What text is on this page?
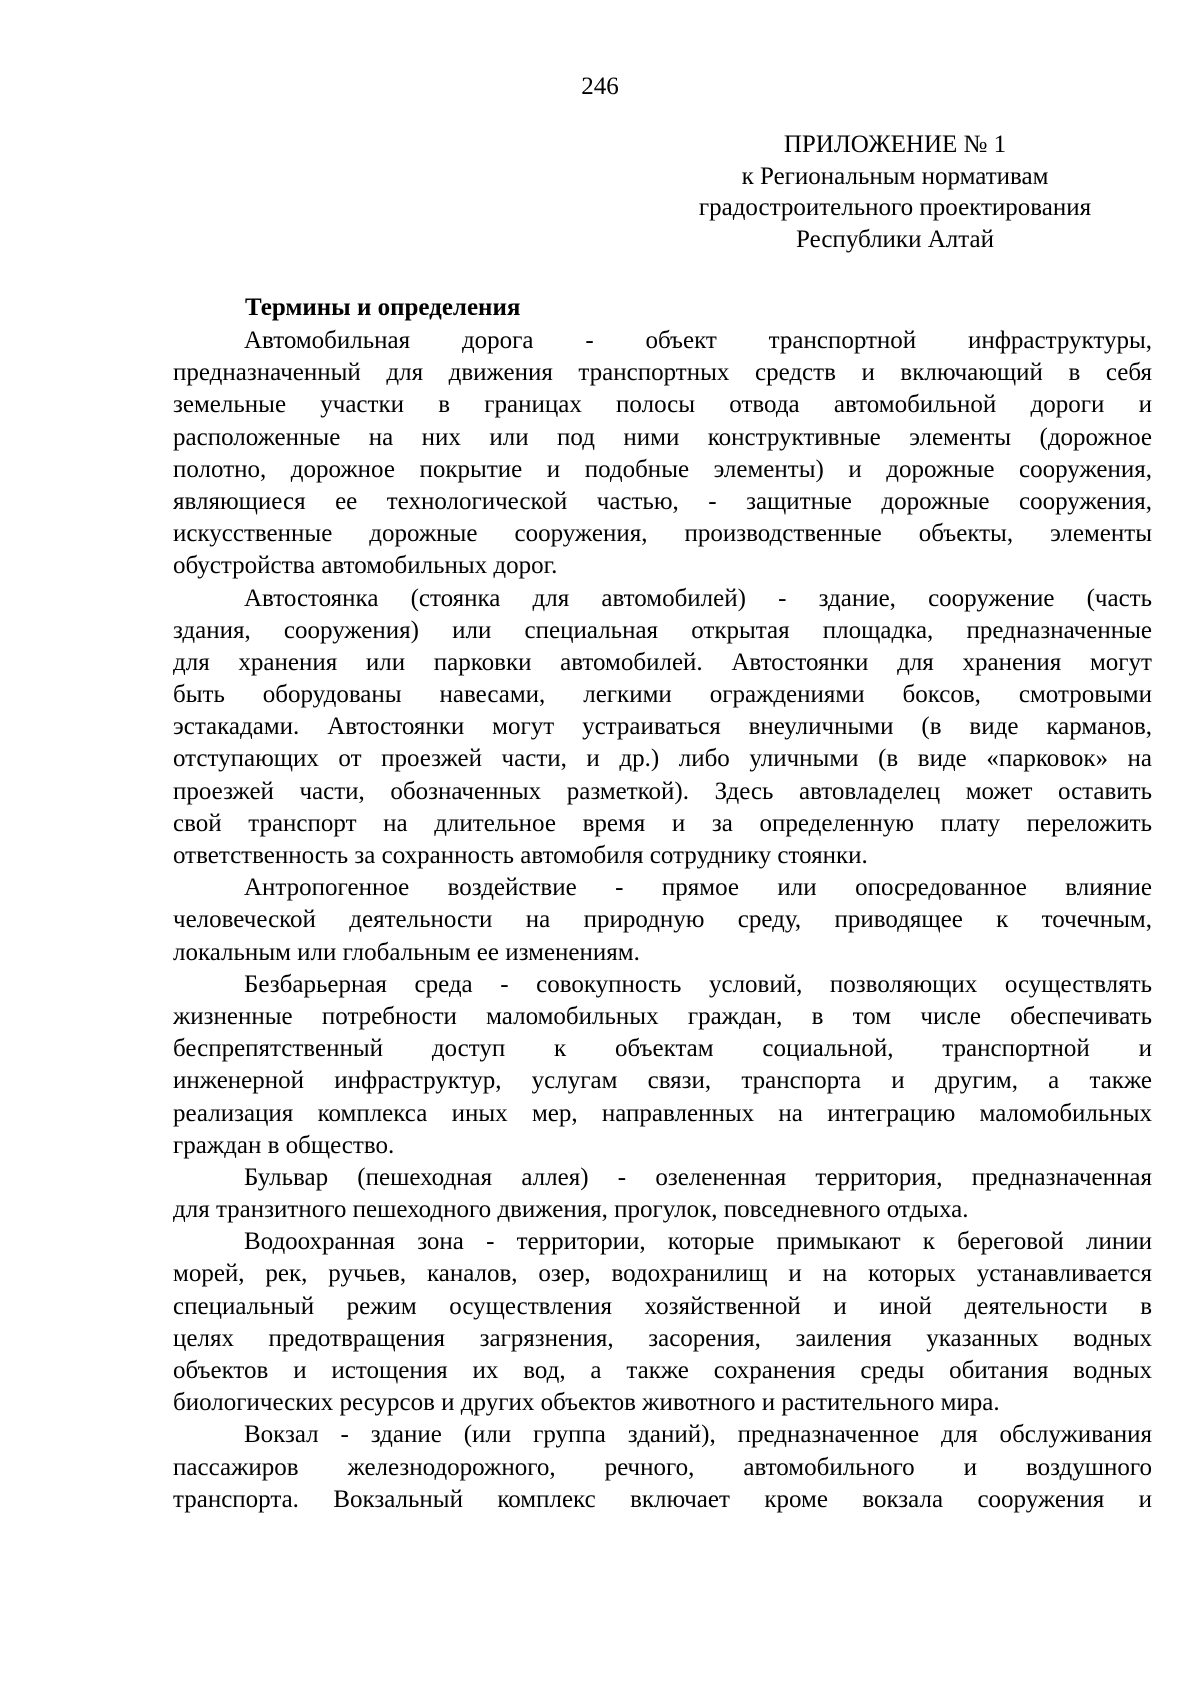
246
ПРИЛОЖЕНИЕ № 1
к Региональным нормативам
градостроительного проектирования
Республики Алтай
Термины и определения
Автомобильная дорога - объект транспортной инфраструктуры,
предназначенный для движения транспортных средств и включающий в себя
земельные участки в границах полосы отвода автомобильной дороги и
расположенные на них или под ними конструктивные элементы (дорожное
полотно, дорожное покрытие и подобные элементы) и дорожные сооружения,
являющиеся ее технологической частью, - защитные дорожные сооружения,
искусственные дорожные сооружения, производственные объекты, элементы
обустройства автомобильных дорог.
Автостоянка (стоянка для автомобилей) - здание, сооружение (часть
здания, сооружения) или специальная открытая площадка, предназначенные
для хранения или парковки автомобилей. Автостоянки для хранения могут
быть оборудованы навесами, легкими ограждениями боксов, смотровыми
эстакадами. Автостоянки могут устраиваться внеуличными (в виде карманов,
отступающих от проезжей части, и др.) либо уличными (в виде «парковок» на
проезжей части, обозначенных разметкой). Здесь автовладелец может оставить
свой транспорт на длительное время и за определенную плату переложить
ответственность за сохранность автомобиля сотруднику стоянки.
Антропогенное воздействие - прямое или опосредованное влияние
человеческой деятельности на природную среду, приводящее к точечным,
локальным или глобальным ее изменениям.
Безбарьерная среда - совокупность условий, позволяющих осуществлять
жизненные потребности маломобильных граждан, в том числе обеспечивать
беспрепятственный доступ к объектам социальной, транспортной и
инженерной инфраструктур, услугам связи, транспорта и другим, а также
реализация комплекса иных мер, направленных на интеграцию маломобильных
граждан в общество.
Бульвар (пешеходная аллея) - озелененная территория, предназначенная
для транзитного пешеходного движения, прогулок, повседневного отдыха.
Водоохранная зона - территории, которые примыкают к береговой линии
морей, рек, ручьев, каналов, озер, водохранилищ и на которых устанавливается
специальный режим осуществления хозяйственной и иной деятельности в
целях предотвращения загрязнения, засорения, заиления указанных водных
объектов и истощения их вод, а также сохранения среды обитания водных
биологических ресурсов и других объектов животного и растительного мира.
Вокзал - здание (или группа зданий), предназначенное для обслуживания
пассажиров железнодорожного, речного, автомобильного и воздушного
транспорта. Вокзальный комплекс включает кроме вокзала сооружения и
